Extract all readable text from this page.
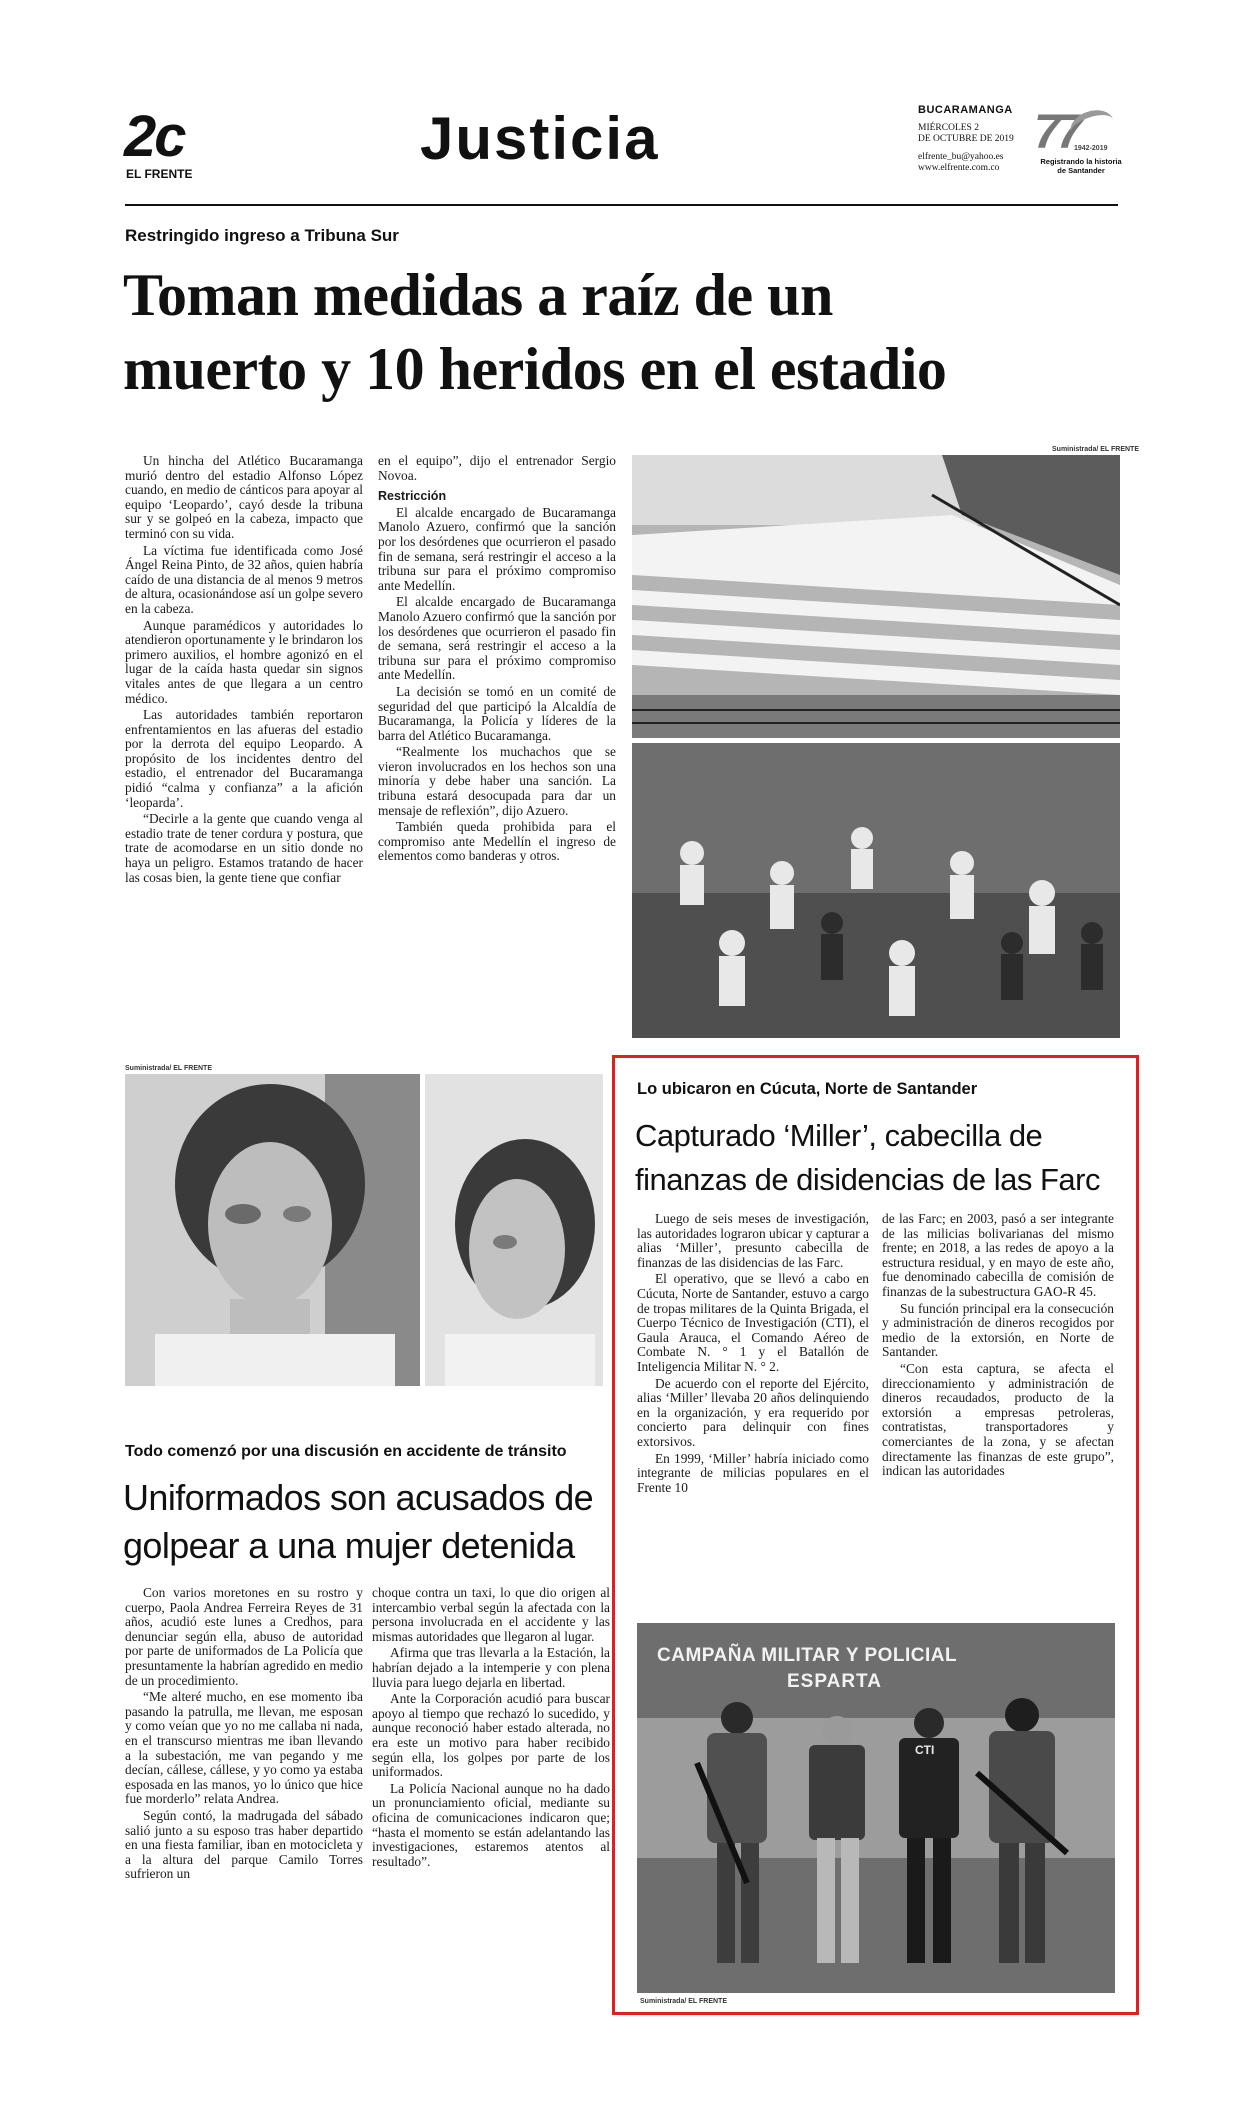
2c
EL FRENTE
Justicia	BUCARAMANGA
MIÉRCOLES 2
DE OCTUBRE DE 2019
elfrente_bu@yahoo.es
www.elfrente.com.co
77
1942-2019
Registrando la historia
de Santander
Restringido ingreso a Tribuna Sur
Toman medidas a raíz de un
muerto y 10 heridos en el estadio

Un hincha del Atlético Bucaramanga murió dentro del estadio Alfonso López cuando, en medio de cánticos para apoyar al equipo ‘Leopardo’, cayó desde la tribuna sur y se golpeó en la cabeza, impacto que terminó con su vida.

La víctima fue identificada como José Ángel Reina Pinto, de 32 años, quien habría caído de una distancia de al menos 9 metros de altura, ocasionándose así un golpe severo en la cabeza.

Aunque paramédicos y autoridades lo atendieron oportunamente y le brindaron los primero auxilios, el hombre agonizó en el lugar de la caída hasta quedar sin signos vitales antes de que llegara a un centro médico.

Las autoridades también reportaron enfrentamientos en las afueras del estadio por la derrota del equipo Leopardo. A propósito de los incidentes dentro del estadio, el entrenador del Bucaramanga pidió “calma y confianza” a la afición ‘leoparda’.

“Decirle a la gente que cuando venga al estadio trate de tener cordura y postura, que trate de acomodarse en un sitio donde no haya un peligro. Estamos tratando de hacer las cosas bien, la gente tiene que confiar

en el equipo”, dijo el entrenador Sergio Novoa.

Restricción

El alcalde encargado de Bucaramanga Manolo Azuero, confirmó que la sanción por los desórdenes que ocurrieron el pasado fin de semana, será restringir el acceso a la tribuna sur para el próximo compromiso ante Medellín.

El alcalde encargado de Bucaramanga Manolo Azuero confirmó que la sanción por los desórdenes que ocurrieron el pasado fin de semana, será restringir el acceso a la tribuna sur para el próximo compromiso ante Medellín.

La decisión se tomó en un comité de seguridad del que participó la Alcaldía de Bucaramanga, la Policía y líderes de la barra del Atlético Bucaramanga.

“Realmente los muchachos que se vieron involucrados en los hechos son una minoría y debe haber una sanción. La tribuna estará desocupada para dar un mensaje de reflexión”, dijo Azuero.

También queda prohibida para el compromiso ante Medellín el ingreso de elementos como banderas y otros.

Suministrada/ EL FRENTE
Suministrada/ EL FRENTE
Todo comenzó por una discusión en accidente de tránsito
Uniformados son acusados de
golpear a una mujer detenida

Con varios moretones en su rostro y cuerpo, Paola Andrea Ferreira Reyes de 31 años, acudió este lunes a Credhos, para denunciar según ella, abuso de autoridad por parte de uniformados de La Policía que presuntamente la habrían agredido en medio de un procedimiento.

“Me alteré mucho, en ese momento iba pasando la patrulla, me llevan, me esposan y como veían que yo no me callaba ni nada, en el transcurso mientras me iban llevando a la subestación, me van pegando y me decían, cállese, cállese, y yo como ya estaba esposada en las manos, yo lo único que hice fue morderlo” relata Andrea.

Según contó, la madrugada del sábado salió junto a su esposo tras haber departido en una fiesta familiar, iban en motocicleta y a la altura del parque Camilo Torres sufrieron un

choque contra un taxi, lo que dio origen al intercambio verbal según la afectada con la persona involucrada en el accidente y las mismas autoridades que llegaron al lugar.

Afirma que tras llevarla a la Estación, la habrían dejado a la intemperie y con plena lluvia para luego dejarla en libertad.

Ante la Corporación acudió para buscar apoyo al tiempo que rechazó lo sucedido, y aunque reconoció haber estado alterada, no era este un motivo para haber recibido según ella, los golpes por parte de los uniformados.

La Policía Nacional aunque no ha dado un pronunciamiento oficial, mediante su oficina de comunicaciones indicaron que; “hasta el momento se están adelantando las investigaciones, estaremos atentos al resultado”.

Lo ubicaron en Cúcuta, Norte de Santander
Capturado ‘Miller’, cabecilla de
finanzas de disidencias de las Farc

Luego de seis meses de investigación, las autoridades lograron ubicar y capturar a alias ‘Miller’, presunto cabecilla de finanzas de las disidencias de las Farc.

El operativo, que se llevó a cabo en Cúcuta, Norte de Santander, estuvo a cargo de tropas militares de la Quinta Brigada, el Cuerpo Técnico de Investigación (CTI), el Gaula Arauca, el Comando Aéreo de Combate N. ° 1 y el Batallón de Inteligencia Militar N. ° 2.

De acuerdo con el reporte del Ejército, alias ‘Miller’ llevaba 20 años delinquiendo en la organización, y era requerido por concierto para delinquir con fines extorsivos.

En 1999, ‘Miller’ habría iniciado como integrante de milicias populares en el Frente 10

de las Farc; en 2003, pasó a ser integrante de las milicias bolivarianas del mismo frente; en 2018, a las redes de apoyo a la estructura residual, y en mayo de este año, fue denominado cabecilla de comisión de finanzas de la subestructura GAO-R 45.

Su función principal era la consecución y administración de dineros recogidos por medio de la extorsión, en Norte de Santander.

“Con esta captura, se afecta el direccionamiento y administración de dineros recaudados, producto de la extorsión a empresas petroleras, contratistas, transportadores y comerciantes de la zona, y se afectan directamente las finanzas de este grupo”, indican las autoridades

CAMPAÑA MILITAR Y POLICIAL
ESPARTA
CTI
Suministrada/ EL FRENTE
